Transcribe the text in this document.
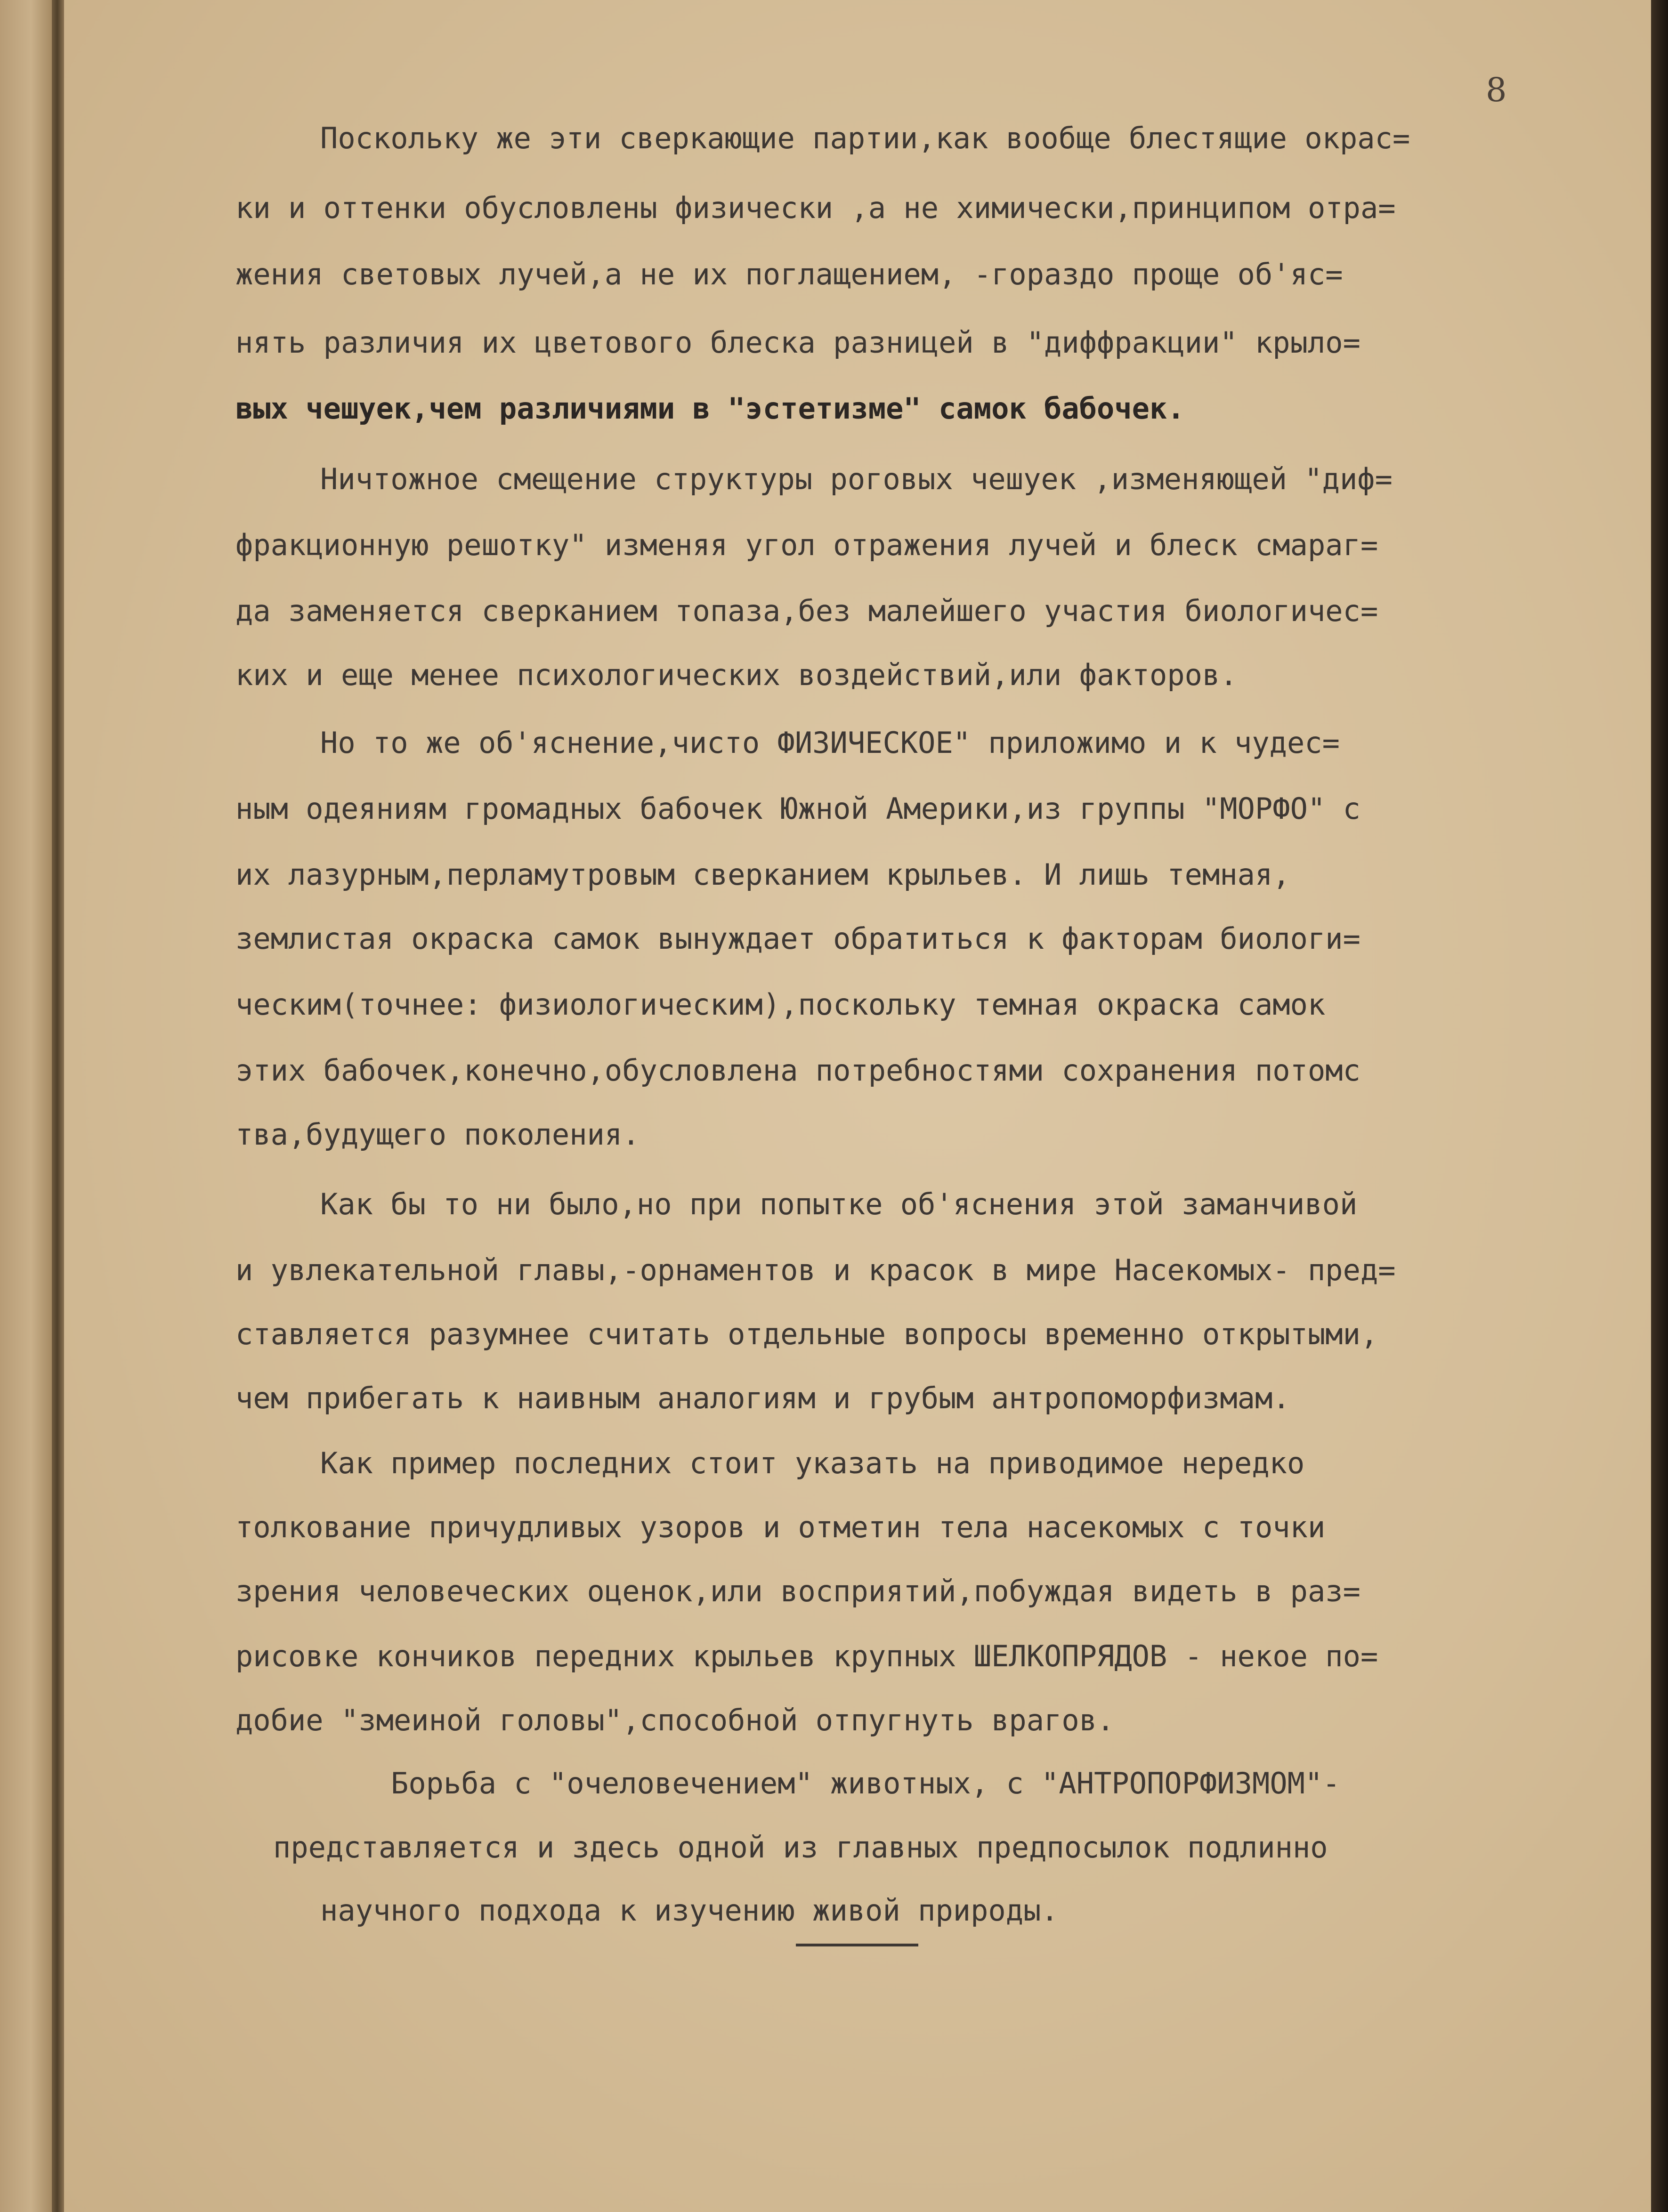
8

Поскольку же эти сверкающие партии,как вообще блестящие окрас=

ки и оттенки обусловлены физически ,а не химически,принципом отра=

жения световых лучей,а не их поглащением, -гораздо проще об'яс=

нять различия их цветового блеска разницей в "диффракции" крыло=

вых чешуек,чем различиями в "эстетизме" самок бабочек.

Ничтожное смещение структуры роговых чешуек ,изменяющей "диф=

фракционную решотку" изменяя угол отражения лучей и блеск смараг=

да заменяется сверканием топаза,без малейшего участия биологичес=

ких и еще менее психологических воздействий,или факторов.

Но то же об'яснение,чисто ФИЗИЧЕСКОЕ" приложимо и к чудес=

ным одеяниям громадных бабочек Южной Америки,из группы "МОРФО" с

их лазурным,перламутровым сверканием крыльев. И лишь темная,

землистая окраска самок вынуждает обратиться к факторам биологи=

ческим(точнее: физиологическим),поскольку темная окраска самок

этих бабочек,конечно,обусловлена потребностями сохранения потомс

тва,будущего поколения.

Как бы то ни было,но при попытке об'яснения этой заманчивой

и увлекательной главы,-орнаментов и красок в мире Насекомых- пред=

ставляется разумнее считать отдельные вопросы временно открытыми,

чем прибегать к наивным аналогиям и грубым антропоморфизмам.

Как пример последних стоит указать на приводимое нередко

толкование причудливых узоров и отметин тела насекомых с точки

зрения человеческих оценок,или восприятий,побуждая видеть в раз=

рисовке кончиков передних крыльев крупных ШЕЛКОПРЯДОВ - некое по=

добие "змеиной головы",способной отпугнуть врагов.

Борьба с "очеловечением" животных, с "АНТРОПОРФИЗМОМ"-

представляется и здесь одной из главных предпосылок подлинно

научного подхода к изучению живой природы.
